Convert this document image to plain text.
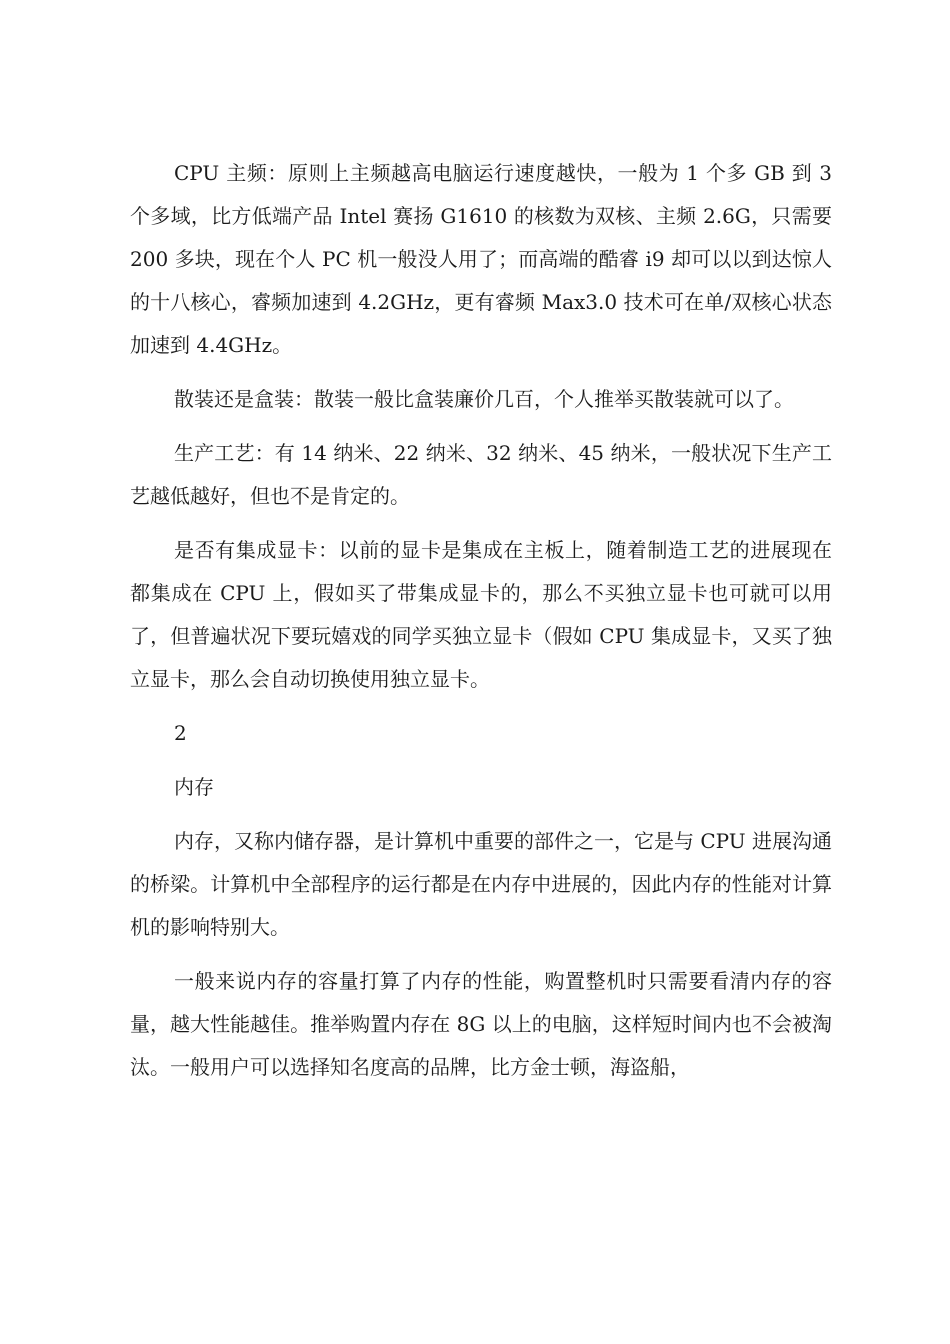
CPU 主频：原则上主频越高电脑运行速度越快，一般为 1 个多 GB 到 3 个多域，比方低端产品 Intel 赛扬 G1610 的核数为双核、主频 2.6G，只需要 200 多块，现在个人 PC 机一般没人用了；而高端的酷睿 i9 却可以以到达惊人的十八核心，睿频加速到 4.2GHz，更有睿频 Max3.0 技术可在单/双核心状态加速到 4.4GHz。

散装还是盒装：散装一般比盒装廉价几百，个人推举买散装就可以了。

生产工艺：有 14 纳米、22 纳米、32 纳米、45 纳米，一般状况下生产工艺越低越好，但也不是肯定的。

是否有集成显卡：以前的显卡是集成在主板上，随着制造工艺的进展现在都集成在 CPU 上，假如买了带集成显卡的，那么不买独立显卡也可就可以用了，但普遍状况下要玩嬉戏的同学买独立显卡（假如 CPU 集成显卡，又买了独立显卡，那么会自动切换使用独立显卡。

2

内存

内存，又称内储存器，是计算机中重要的部件之一，它是与 CPU 进展沟通的桥梁。计算机中全部程序的运行都是在内存中进展的，因此内存的性能对计算机的影响特别大。

一般来说内存的容量打算了内存的性能，购置整机时只需要看清内存的容量，越大性能越佳。推举购置内存在 8G 以上的电脑，这样短时间内也不会被淘汰。一般用户可以选择知名度高的品牌，比方金士顿，海盗船，
